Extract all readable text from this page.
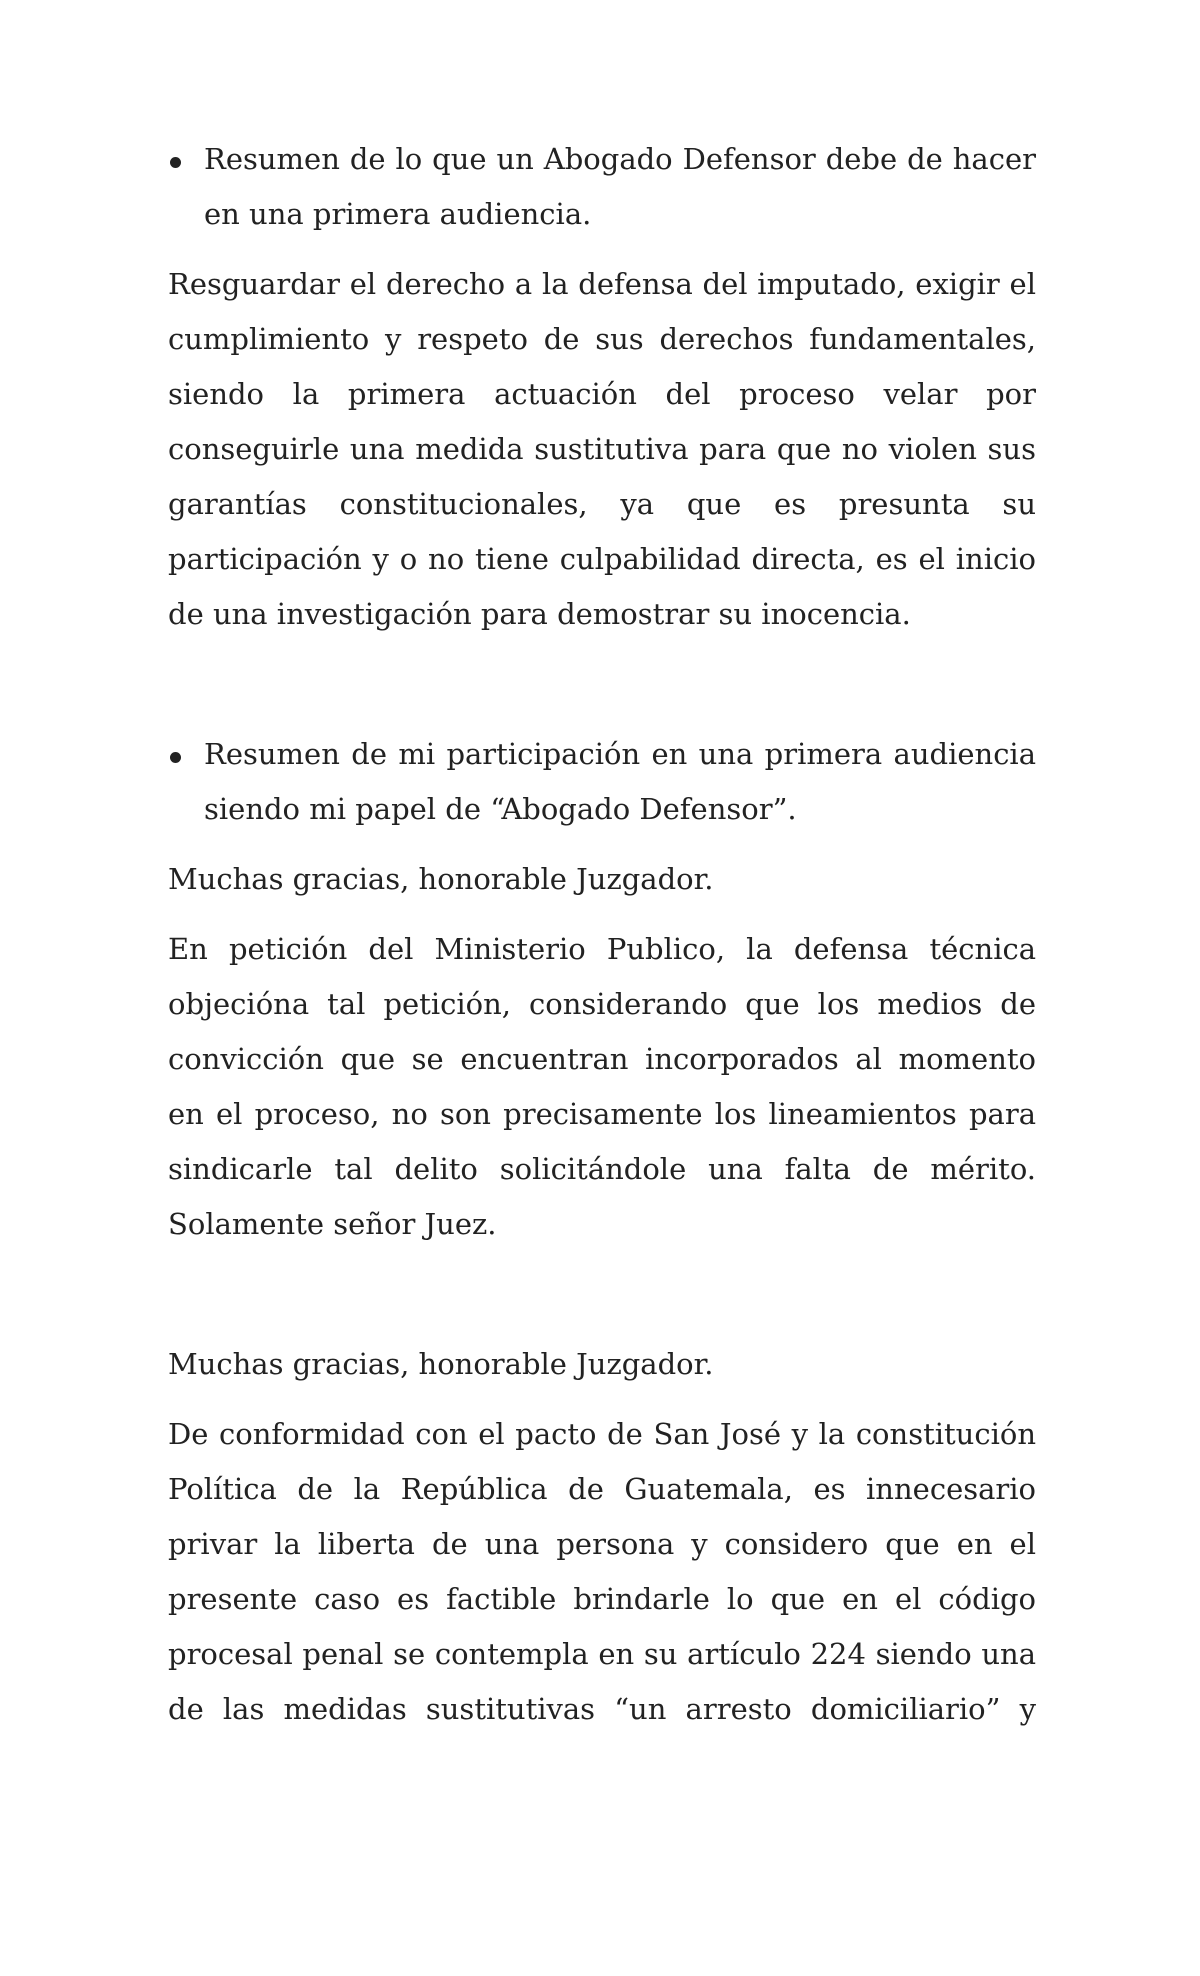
Resumen de lo que un Abogado Defensor debe de hacer en una primera audiencia.

Resguardar el derecho a la defensa del imputado, exigir el cumplimiento y respeto de sus derechos fundamentales, siendo la primera actuación del proceso velar por conseguirle una medida sustitutiva para que no violen sus garantías constitucionales, ya que es presunta su participación y o no tiene culpabilidad directa, es el inicio de una investigación para demostrar su inocencia.

Resumen de mi participación en una primera audiencia siendo mi papel de “Abogado Defensor”.

Muchas gracias, honorable Juzgador.

En petición del Ministerio Publico, la defensa técnica objecióna tal petición, considerando que los medios de convicción que se encuentran incorporados al momento en el proceso, no son precisamente los lineamientos para sindicarle tal delito solicitándole una falta de mérito. Solamente señor Juez.

Muchas gracias, honorable Juzgador.

De conformidad con el pacto de San José y la constitución Política de la República de Guatemala, es innecesario privar la liberta de una persona y considero que en el presente caso es factible brindarle lo que en el código procesal penal se contempla en su artículo 224 siendo una de las medidas sustitutivas “un arresto domiciliario” y
